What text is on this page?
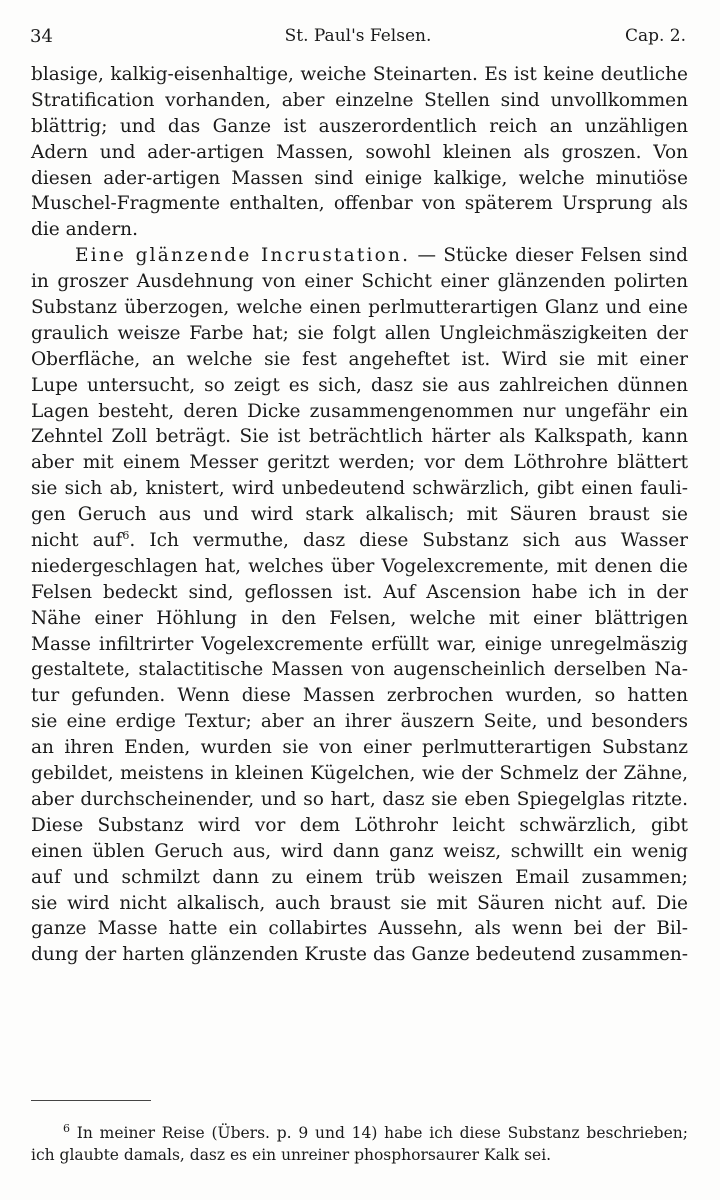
34	St. Paul's Felsen.	Cap. 2.
blasige, kalkig-eisenhaltige, weiche Steinarten. Es ist keine deutliche
Stratification vorhanden, aber einzelne Stellen sind unvollkommen
blättrig; und das Ganze ist auszerordentlich reich an unzähligen
Adern und ader-artigen Massen, sowohl kleinen als groszen. Von
diesen ader-artigen Massen sind einige kalkige, welche minutiöse
Muschel-Fragmente enthalten, offenbar von späterem Ursprung als
die andern.
Eine glänzende Incrustation. — Stücke dieser Felsen sind
in groszer Ausdehnung von einer Schicht einer glänzenden polirten
Substanz überzogen, welche einen perlmutterartigen Glanz und eine
graulich weisze Farbe hat; sie folgt allen Ungleichmäszigkeiten der
Oberfläche, an welche sie fest angeheftet ist. Wird sie mit einer
Lupe untersucht, so zeigt es sich, dasz sie aus zahlreichen dünnen
Lagen besteht, deren Dicke zusammengenommen nur ungefähr ein
Zehntel Zoll beträgt. Sie ist beträchtlich härter als Kalkspath, kann
aber mit einem Messer geritzt werden; vor dem Löthrohre blättert
sie sich ab, knistert, wird unbedeutend schwärzlich, gibt einen fauli-
gen Geruch aus und wird stark alkalisch; mit Säuren braust sie
nicht auf$^6$. Ich vermuthe, dasz diese Substanz sich aus Wasser
niedergeschlagen hat, welches über Vogelexcremente, mit denen die
Felsen bedeckt sind, geflossen ist. Auf Ascension habe ich in der
Nähe einer Höhlung in den Felsen, welche mit einer blättrigen
Masse infiltrirter Vogelexcremente erfüllt war, einige unregelmäszig
gestaltete, stalactitische Massen von augenscheinlich derselben Na-
tur gefunden. Wenn diese Massen zerbrochen wurden, so hatten
sie eine erdige Textur; aber an ihrer äuszern Seite, und besonders
an ihren Enden, wurden sie von einer perlmutterartigen Substanz
gebildet, meistens in kleinen Kügelchen, wie der Schmelz der Zähne,
aber durchscheinender, und so hart, dasz sie eben Spiegelglas ritzte.
Diese Substanz wird vor dem Löthrohr leicht schwärzlich, gibt
einen üblen Geruch aus, wird dann ganz weisz, schwillt ein wenig
auf und schmilzt dann zu einem trüb weiszen Email zusammen;
sie wird nicht alkalisch, auch braust sie mit Säuren nicht auf. Die
ganze Masse hatte ein collabirtes Aussehn, als wenn bei der Bil-
dung der harten glänzenden Kruste das Ganze bedeutend zusammen-
$^6$ In meiner Reise (Übers. p. 9 und 14) habe ich diese Substanz beschrieben;
ich glaubte damals, dasz es ein unreiner phosphorsaurer Kalk sei.
